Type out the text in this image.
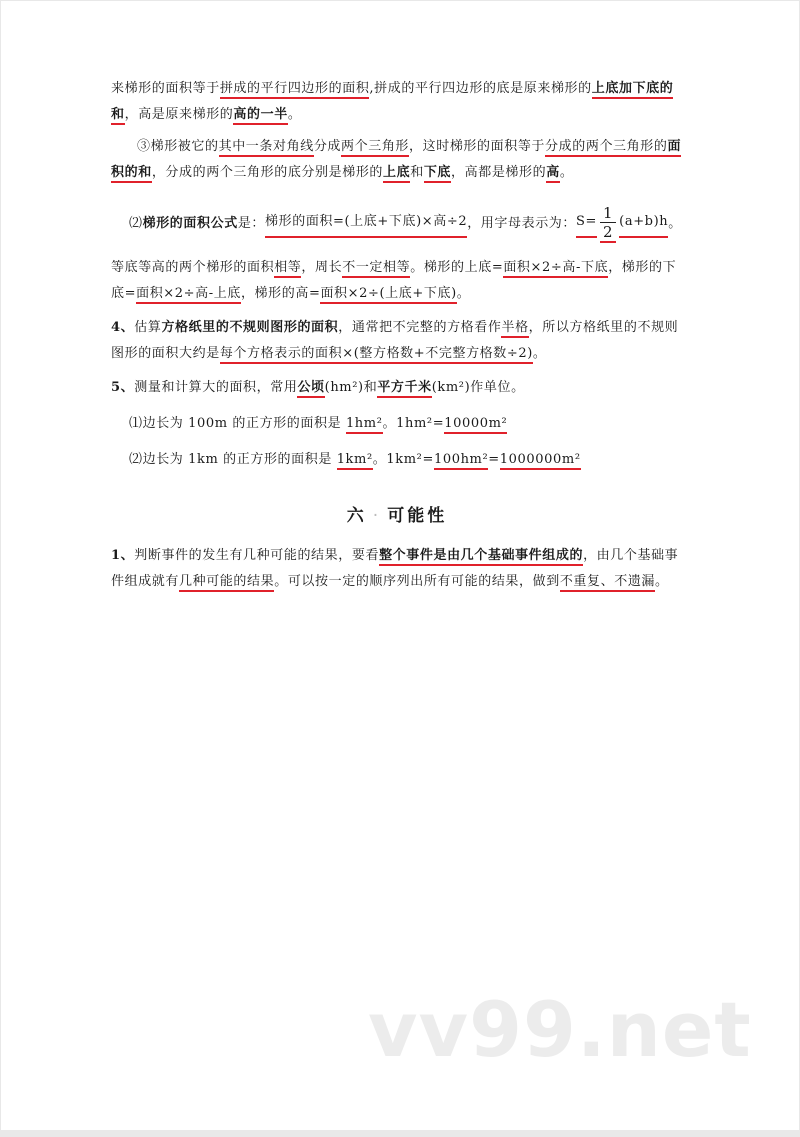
来梯形的面积等于拼成的平行四边形的面积,拼成的平行四边形的底是原来梯形的上底加下底的和，高是原来梯形的高的一半。

③梯形被它的其中一条对角线分成两个三角形，这时梯形的面积等于分成的两个三角形的面积的和，分成的两个三角形的底分别是梯形的上底和下底，高都是梯形的高。

⑵ 梯形的面积公式 是： 梯形的面积=(上底+下底)×高÷2 ，用字母表示为： $S= \frac{1}{2} (a+b)h$ 。

等底等高的两个梯形的面积相等，周长不一定相等。梯形的上底=面积×2÷高-下底，梯形的下底=面积×2÷高-上底，梯形的高=面积×2÷(上底+下底)。

4、估算方格纸里的不规则图形的面积，通常把不完整的方格看作半格，所以方格纸里的不规则图形的面积大约是每个方格表示的面积×(整方格数+不完整方格数÷2)。

5、测量和计算大的面积，常用公顷(hm²)和平方千米(km²)作单位。

⑴边长为 100m 的正方形的面积是 1hm²。1hm²=10000m²

⑵边长为 1km 的正方形的面积是 1km²。1km²=100hm²=1000000m²

六 · 可能性

1、判断事件的发生有几种可能的结果，要看整个事件是由几个基础事件组成的，由几个基础事件组成就有几种可能的结果。可以按一定的顺序列出所有可能的结果，做到不重复、不遗漏。

vv99.net
